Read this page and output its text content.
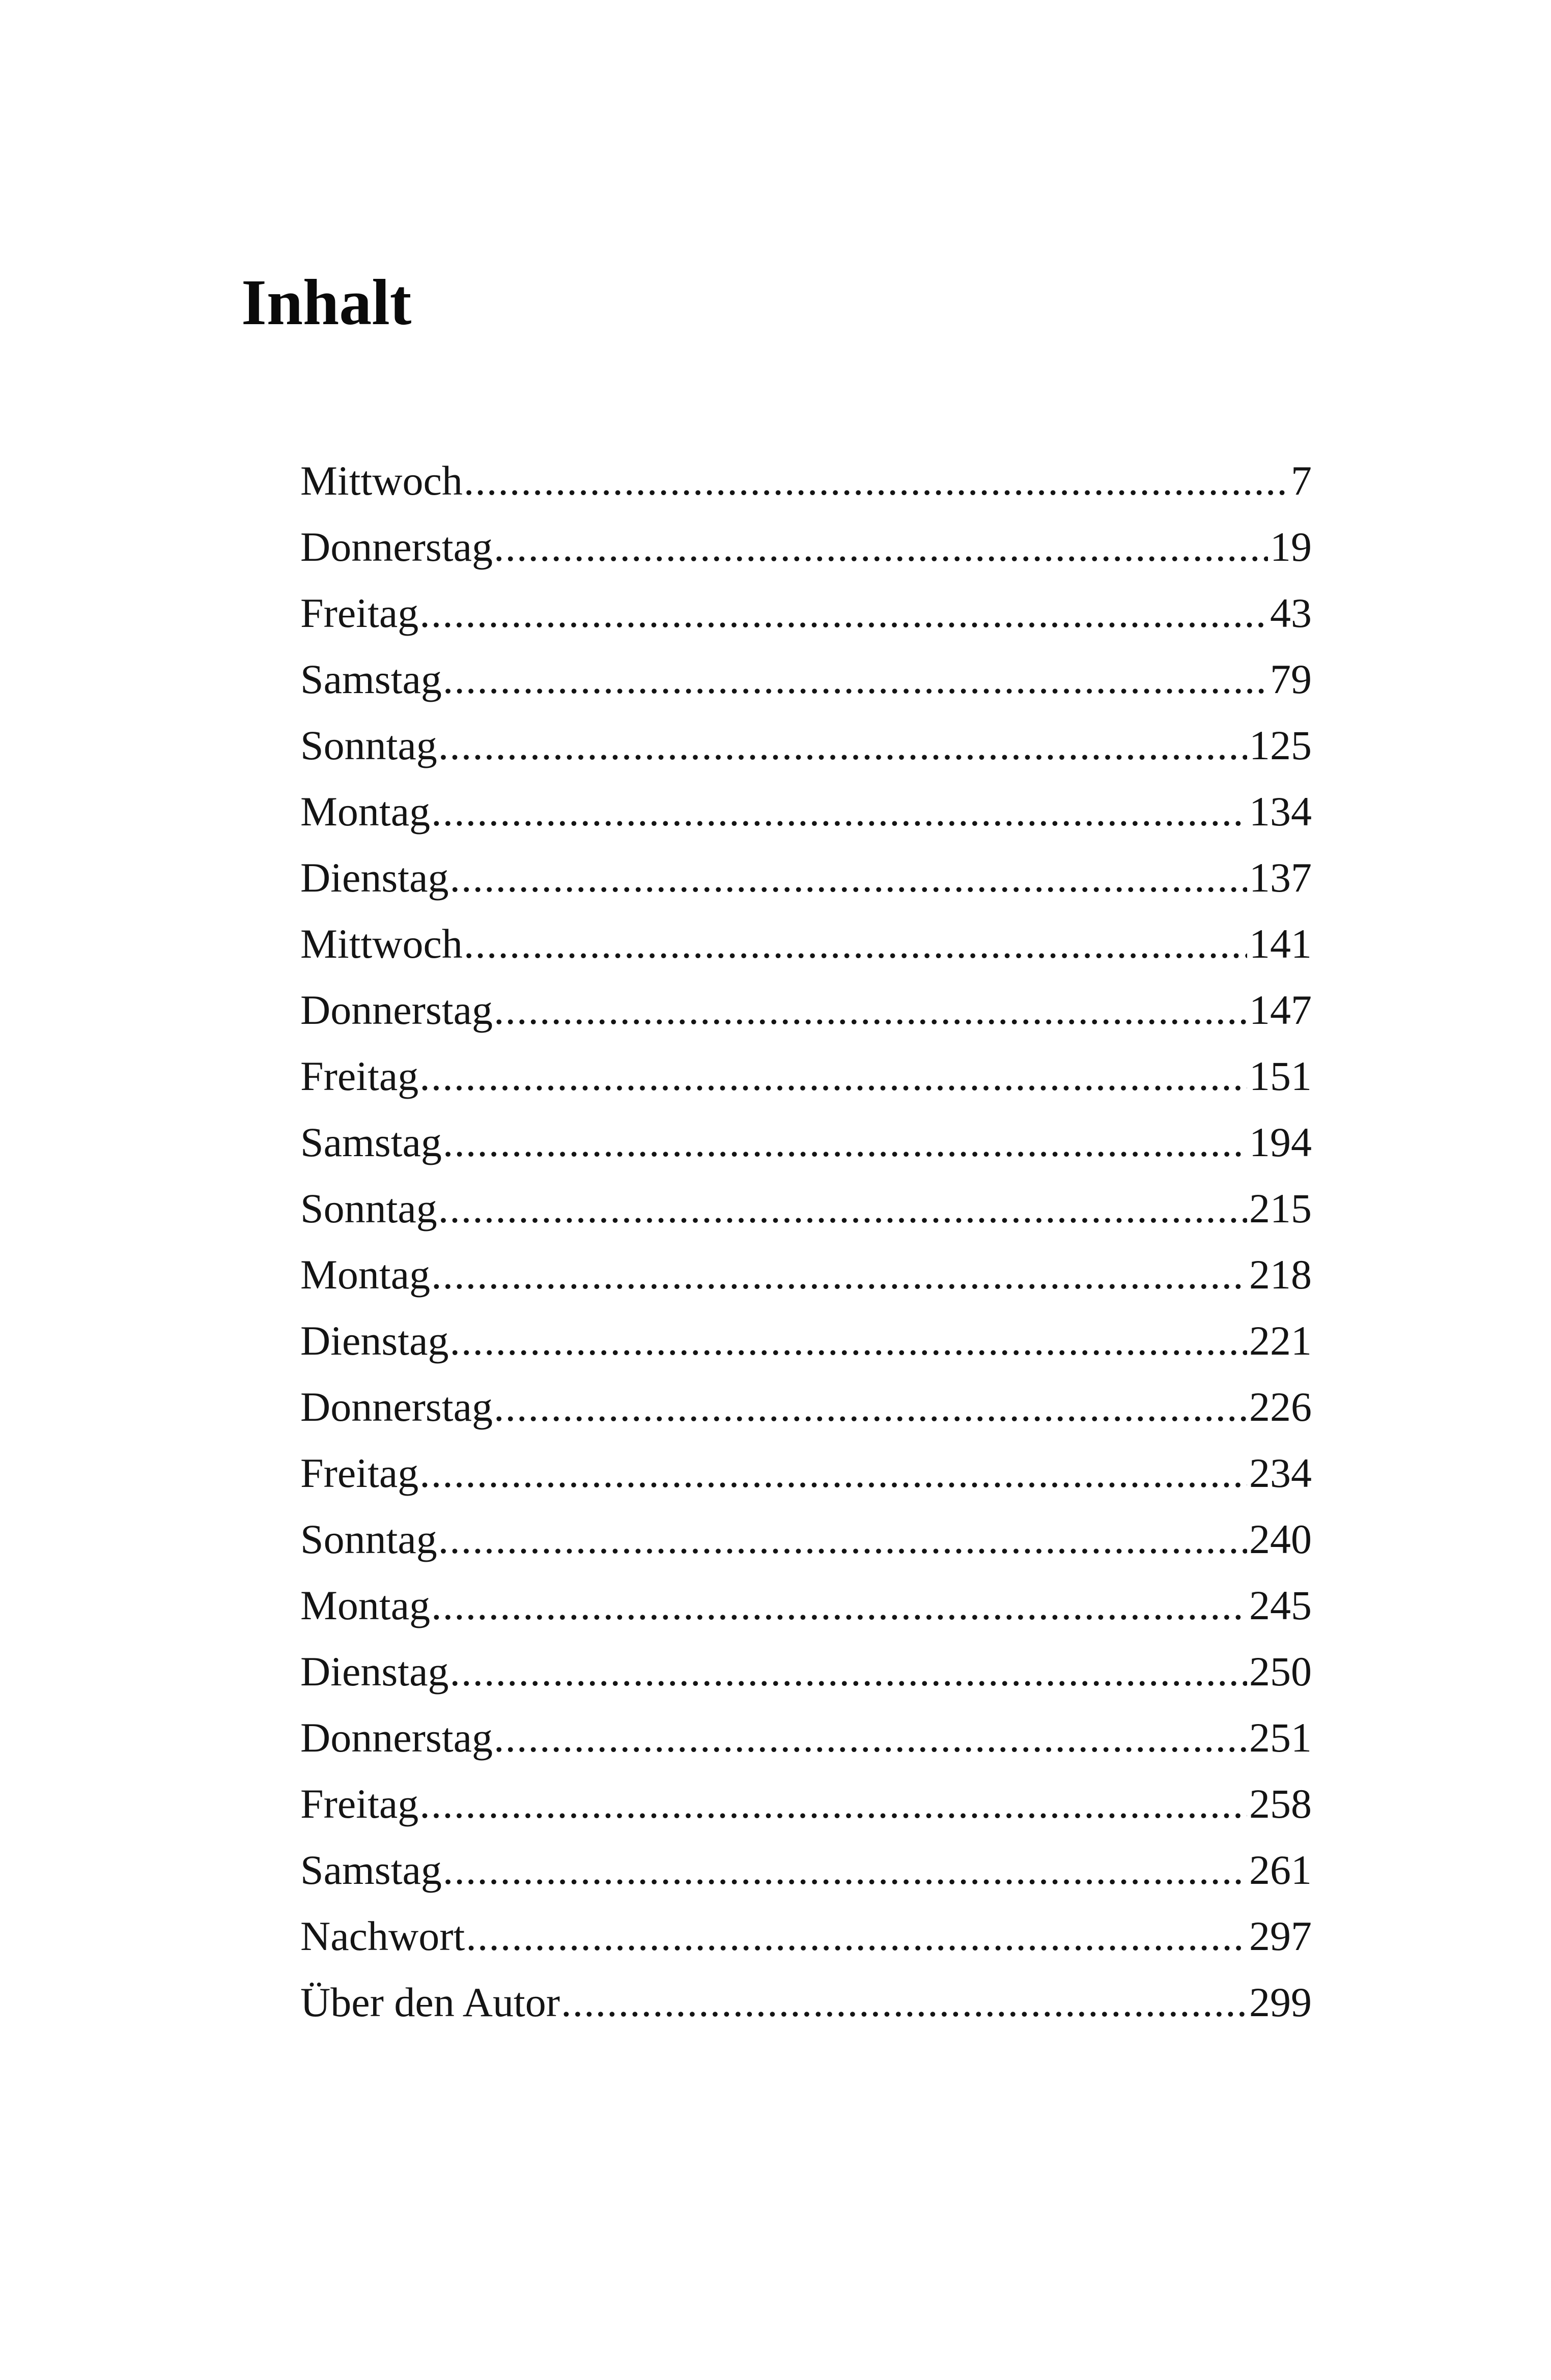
Inhalt
Mittwoch .....	7
Donnerstag .....	19
Freitag .....	43
Samstag .....	79
Sonntag .....	125
Montag .....	134
Dienstag .....	137
Mittwoch .....	141
Donnerstag .....	147
Freitag .....	151
Samstag .....	194
Sonntag .....	215
Montag .....	218
Dienstag .....	221
Donnerstag .....	226
Freitag .....	234
Sonntag .....	240
Montag .....	245
Dienstag .....	250
Donnerstag .....	251
Freitag .....	258
Samstag .....	261
Nachwort .....	297
Über den Autor .....	299
